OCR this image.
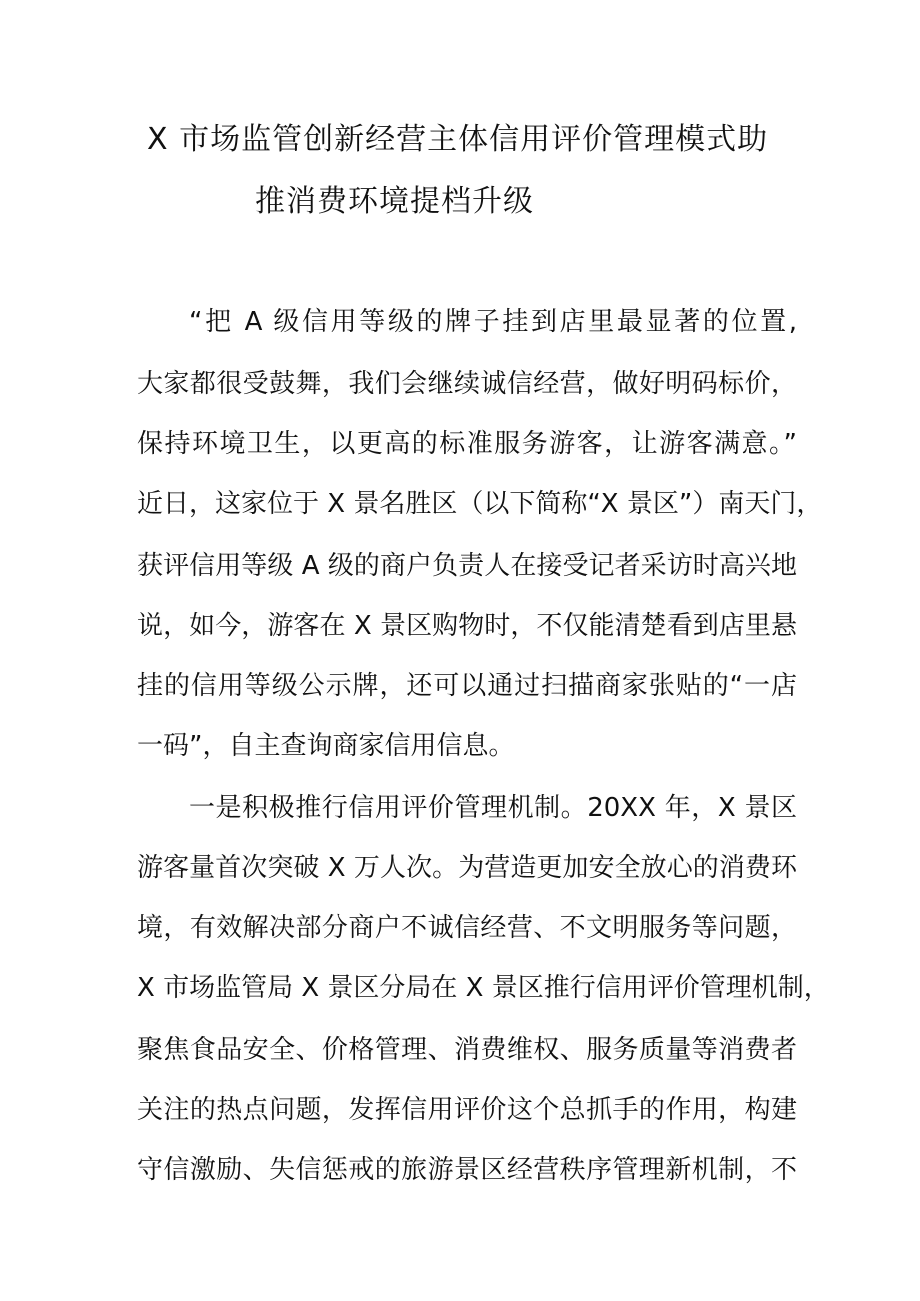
X 市场监管创新经营主体信用评价管理模式助
推消费环境提档升级
“把 A 级信用等级的牌子挂到店里最显著的位置,
大家都很受鼓舞，我们会继续诚信经营，做好明码标价，
保持环境卫生，以更高的标准服务游客，让游客满意。”
近日，这家位于 X 景名胜区（以下简称“X 景区”）南天门，
获评信用等级 A 级的商户负责人在接受记者采访时高兴地
说，如今，游客在 X 景区购物时，不仅能清楚看到店里悬
挂的信用等级公示牌，还可以通过扫描商家张贴的“一店
一码”，自主查询商家信用信息。
一是积极推行信用评价管理机制。20XX 年，X 景区
游客量首次突破 X 万人次。为营造更加安全放心的消费环
境，有效解决部分商户不诚信经营、不文明服务等问题，
X 市场监管局 X 景区分局在 X 景区推行信用评价管理机制，
聚焦食品安全、价格管理、消费维权、服务质量等消费者
关注的热点问题，发挥信用评价这个总抓手的作用，构建
守信激励、失信惩戒的旅游景区经营秩序管理新机制，不
